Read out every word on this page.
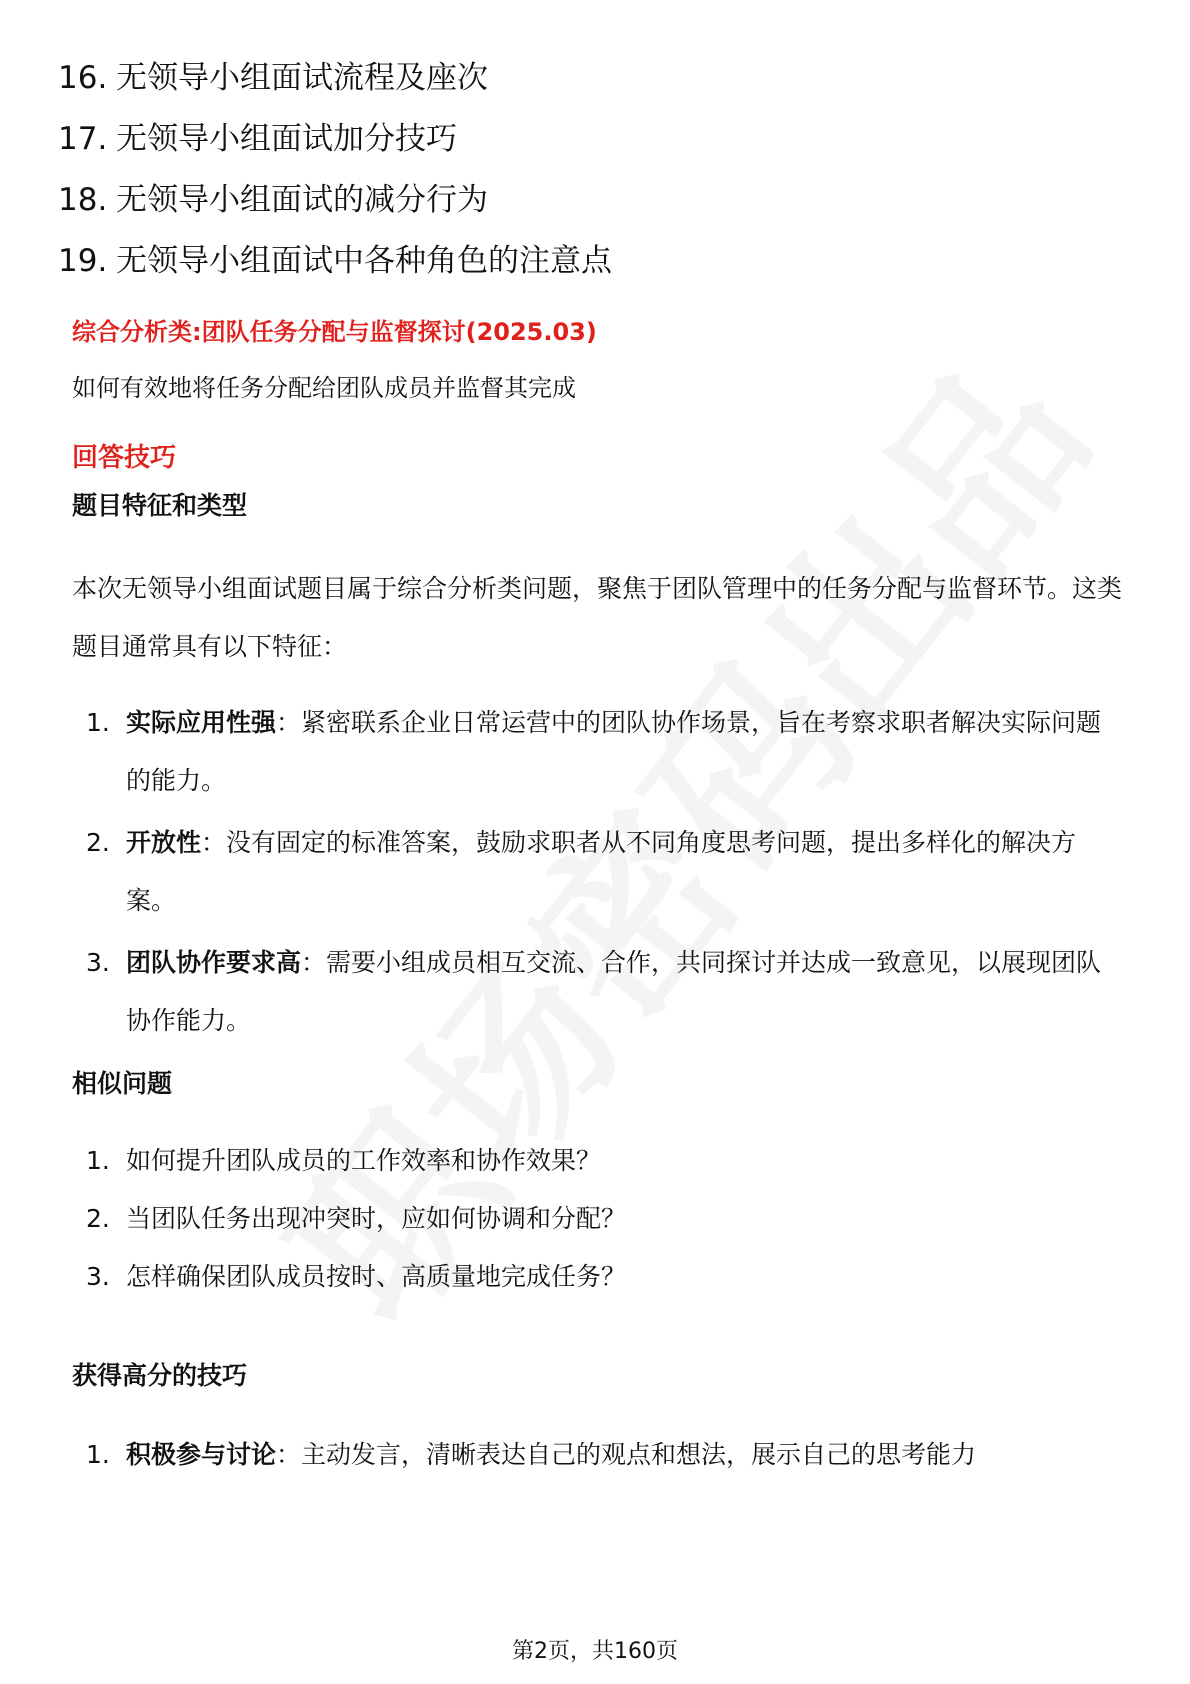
16. 无领导小组面试流程及座次
17. 无领导小组面试加分技巧
18. 无领导小组面试的减分行为
19. 无领导小组面试中各种角色的注意点
综合分析类:团队任务分配与监督探讨(2025.03)
如何有效地将任务分配给团队成员并监督其完成
回答技巧
题目特征和类型
本次无领导小组面试题目属于综合分析类问题，聚焦于团队管理中的任务分配与监督环节。这类题目通常具有以下特征：
1. 实际应用性强：紧密联系企业日常运营中的团队协作场景，旨在考察求职者解决实际问题的能力。
2. 开放性：没有固定的标准答案，鼓励求职者从不同角度思考问题，提出多样化的解决方案。
3. 团队协作要求高：需要小组成员相互交流、合作，共同探讨并达成一致意见，以展现团队协作能力。
相似问题
1. 如何提升团队成员的工作效率和协作效果？
2. 当团队任务出现冲突时，应如何协调和分配？
3. 怎样确保团队成员按时、高质量地完成任务？
获得高分的技巧
1. 积极参与讨论：主动发言，清晰表达自己的观点和想法，展示自己的思考能力
第2页，共160页
